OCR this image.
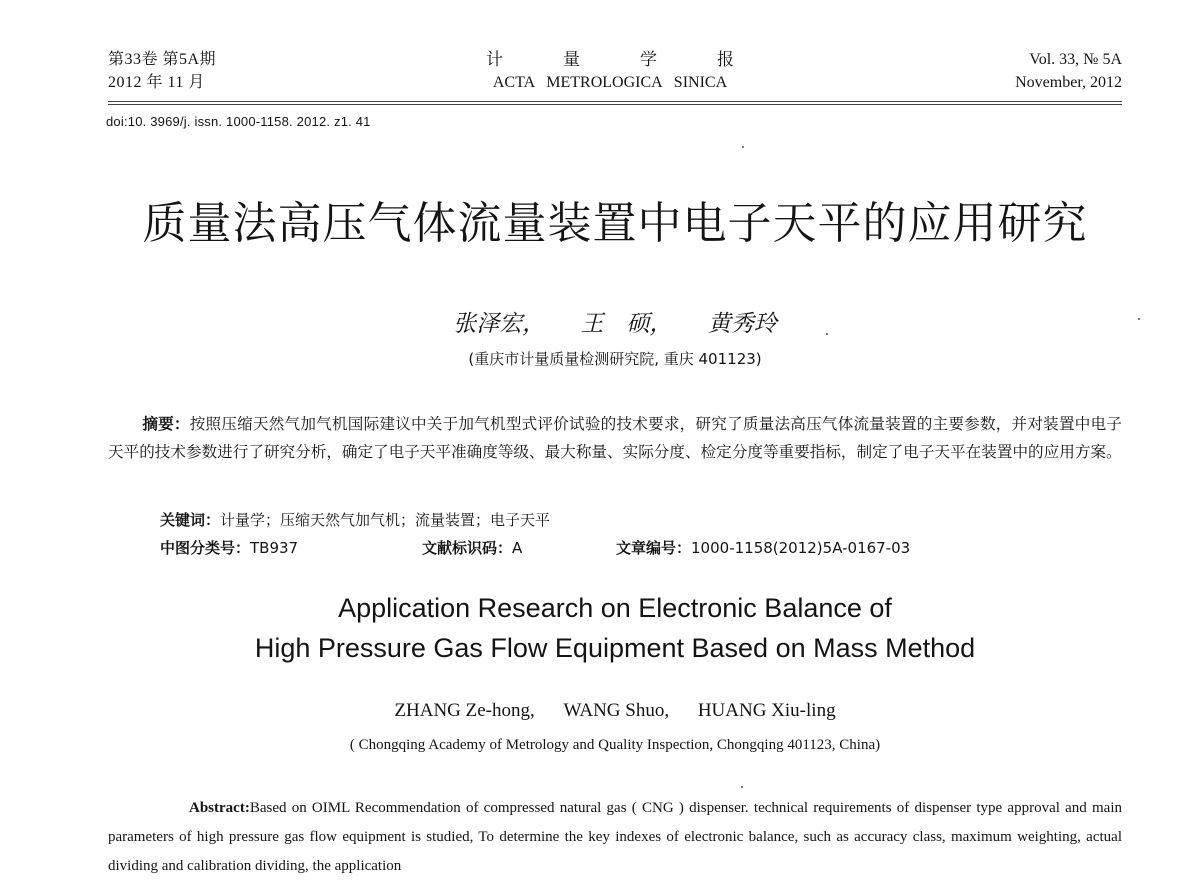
第33卷 第5A期
2012 年 11 月
计	量	学	报
ACTA   METROLOGICA   SINICA
Vol. 33, № 5A
November, 2012
doi:10. 3969/j. issn. 1000-1158. 2012. z1. 41
质量法高压气体流量装置中电子天平的应用研究
张泽宏， 王　硕， 黄秀玲
(重庆市计量质量检测研究院, 重庆 401123)
摘要：按照压缩天然气加气机国际建议中关于加气机型式评价试验的技术要求，研究了质量法高压气体流量装置的主要参数，并对装置中电子天平的技术参数进行了研究分析，确定了电子天平准确度等级、最大称量、实际分度、检定分度等重要指标，制定了电子天平在装置中的应用方案。
关键词：计量学；压缩天然气加气机；流量装置；电子天平
中图分类号：TB937	文献标识码：A	文章编号：1000-1158(2012)5A-0167-03
Application Research on Electronic Balance of
High Pressure Gas Flow Equipment Based on Mass Method
ZHANG Ze-hong, WANG Shuo, HUANG Xiu-ling
( Chongqing Academy of Metrology and Quality Inspection, Chongqing 401123, China)
Abstract:Based on OIML Recommendation of compressed natural gas ( CNG ) dispenser. technical requirements of dispenser type approval and main parameters of high pressure gas flow equipment is studied, To determine the key indexes of electronic balance, such as accuracy class, maximum weighting, actual dividing and calibration dividing, the application
